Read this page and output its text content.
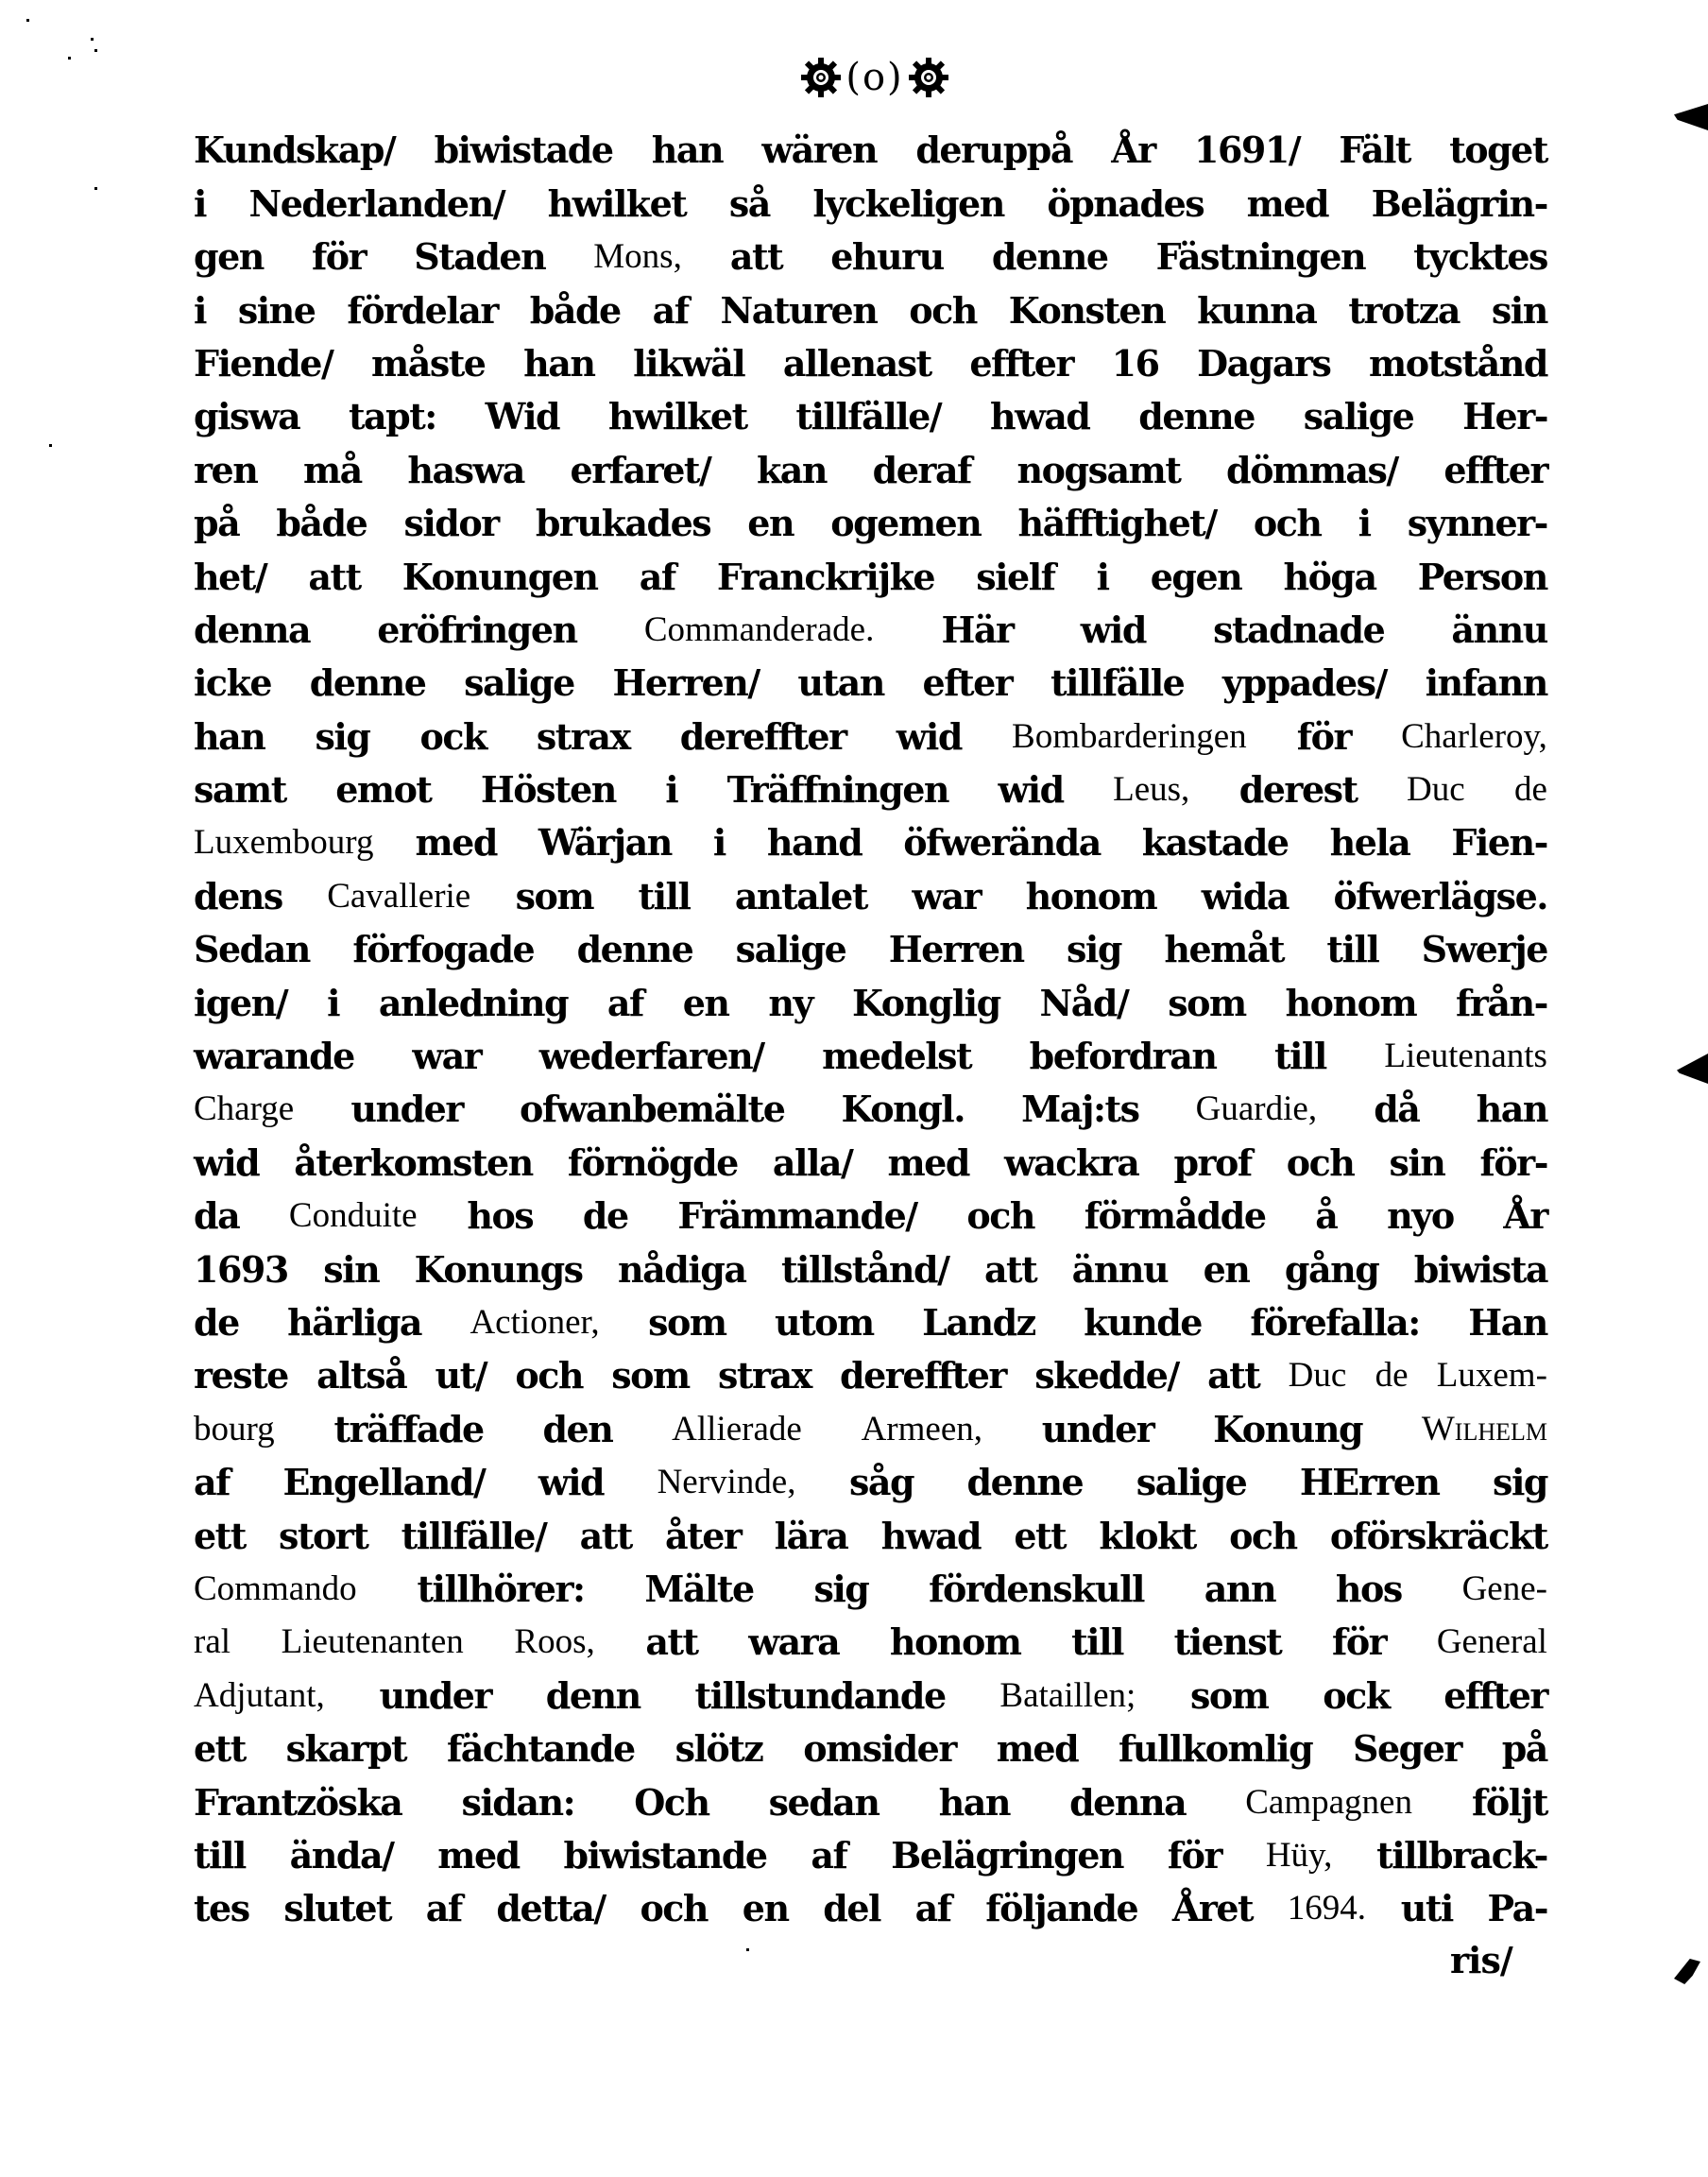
(o)
Kundskap/ biwistade han wären deruppå År 1691/ Fält toget
i Nederlanden/ hwilket så lyckeligen öpnades med Belägrin-
gen för Staden Mons, att ehuru denne Fästningen tycktes
i sine fördelar både af Naturen och Konsten kunna trotza sin
Fiende/ måste han likwäl allenast effter 16 Dagars motstånd
giswa tapt: Wid hwilket tillfälle/ hwad denne salige Her-
ren må haswa erfaret/ kan deraf nogsamt dömmas/ effter
på både sidor brukades en ogemen häfftighet/ och i synner-
het/ att Konungen af Franckrijke sielf i egen höga Person
denna eröfringen Commanderade. Här wid stadnade ännu
icke denne salige Herren/ utan efter tillfälle yppades/ infann
han sig ock strax dereffter wid Bombarderingen för Charleroy,
samt emot Hösten i Träffningen wid Leus, derest Duc de
Luxembourg med Wärjan i hand öfwerända kastade hela Fien-
dens Cavallerie som till antalet war honom wida öfwerlägse.
Sedan förfogade denne salige Herren sig hemåt till Swerje
igen/ i anledning af en ny Konglig Nåd/ som honom från-
warande war wederfaren/ medelst befordran till Lieutenants
Charge under ofwanbemälte Kongl. Maj:ts Guardie, då han
wid återkomsten förnögde alla/ med wackra prof och sin för-
da Conduite hos de Främmande/ och förmådde å nyo År
1693 sin Konungs nådiga tillstånd/ att ännu en gång biwista
de härliga Actioner, som utom Landz kunde förefalla: Han
reste altså ut/ och som strax dereffter skedde/ att Duc de Luxem-
bourg träffade den Allierade Armeen, under Konung Wilhelm
af Engelland/ wid Nervinde, såg denne salige HErren sig
ett stort tillfälle/ att åter lära hwad ett klokt och oförskräckt
Commando tillhörer: Mälte sig fördenskull ann hos Gene-
ral Lieutenanten Roos, att wara honom till tienst för General
Adjutant, under denn tillstundande Bataillen; som ock effter
ett skarpt fächtande slötz omsider med fullkomlig Seger på
Frantzöska sidan: Och sedan han denna Campagnen följt
till ända/ med biwistande af Belägringen för Hüy, tillbrack-
tes slutet af detta/ och en del af följande Året 1694. uti Pa-
ris/
